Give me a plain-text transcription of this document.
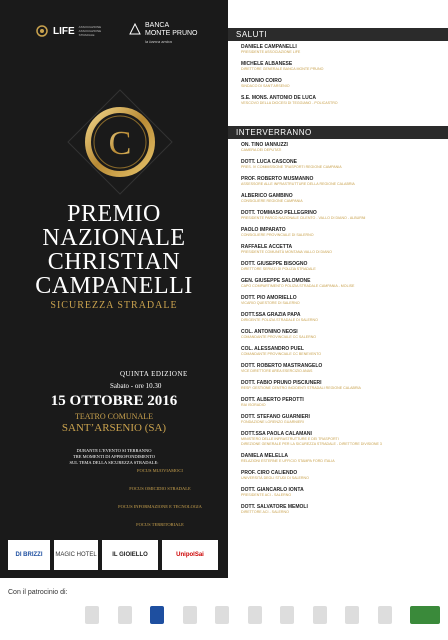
LIFE ASSOCIAZIONE ASSOCIAZIONE STRADALE
BANCA
MONTE PRUNO
la banca amica
C
PREMIO
NAZIONALE
CHRISTIAN
CAMPANELLI
SICUREZZA STRADALE
QUINTA EDIZIONE
Sabato - ore 10.30
15 OTTOBRE 2016
TEATRO COMUNALE
SANT’ARSENIO (SA)
DURANTE L’EVENTO SI TERRANNO
TRE MOMENTI DI APPROFONDIMENTO
SUL TEMA DELLA SICUREZZA STRADALE:
FOCUS MUOVIAMOCI
FOCUS OMICIDIO STRADALE
FOCUS INFORMAZIONE E TECNOLOGIA
FOCUS TERRITORIALE
DI BRIZZI	MAGIC HOTEL	IL GIOIELLO	UnipolSai
SALUTI
DANIELE CAMPANELLI
PRESIDENTE ASSOCIAZIONE LIFE
MICHELE ALBANESE
DIRETTORE GENERALE BANCA MONTE PRUNO
ANTONIO COIRO
SINDACO DI SANT’ARSENIO
S.E. MONS. ANTONIO DE LUCA
VESCOVO DELLA DIOCESI DI TEGGIANO - POLICASTRO
INTERVERRANNO
ON. TINO IANNUZZI
CAMERA DEI DEPUTATI
DOTT. LUCA CASCONE
PRES. IV COMMISSIONE TRASPORTI REGIONE CAMPANIA
PROF. ROBERTO MUSMANNO
ASSESSORE ALLE INFRASTRUTTURE DELLA REGIONE CALABRIA
ALBERICO GAMBINO
CONSIGLIERE REGIONE CAMPANIA
DOTT. TOMMASO PELLEGRINO
PRESIDENTE PARCO NAZIONALE CILENTO - VALLO DI DIANO - ALBURNI
PAOLO IMPARATO
CONSIGLIERE PROVINCIALE DI SALERNO
RAFFAELE ACCETTA
PRESIDENTE COMUNITÀ MONTANA VALLO DI DIANO
DOTT. GIUSEPPE BISOGNO
DIRETTORE SERVIZI DI POLIZIA STRADALE
GEN. GIUSEPPE SALOMONE
CAPO COMPARTIMENTO POLIZIA STRADALE CAMPANIA - MOLISE
DOTT. PIO AMORIELLO
VICARIO QUESTORE DI SALERNO
DOTT.SSA GRAZIA PAPA
DIRIGENTE POLIZIA STRADALE DI SALERNO
COL. ANTONINO NEOSI
COMANDANTE PROVINCIALE CC SALERNO
COL. ALESSANDRO PUEL
COMANDANTE PROVINCIALE CC BENEVENTO
DOTT. ROBERTO MASTRANGELO
VICE DIRETTORE AREA ESERCIZIO ANAS
DOTT. FABIO PRUNO PISCIUNERI
RESP. GESTIONE CENTRO INCIDENTI STRADALI REGIONE CALABRIA
DOTT. ALBERTO PEROTTI
RAI ISORADIO
DOTT. STEFANO GUARNIERI
FONDAZIONE LORENZO GUARNIERI
DOTT.SSA PAOLA CALAMANI
MINISTERO DELLE INFRASTRUTTURE E DEI TRASPORTI
DIREZIONE GENERALE PER LA SICUREZZA STRADALE - DIRETTORE DIVISIONE 3
DANIELA MELELLA
RELAZIONI ESTERNE E UFFICIO STAMPA FORD ITALIA
PROF. CIRO CALIENDO
UNIVERSITÀ DEGLI STUDI DI SALERNO
DOTT. GIANCARLO IONTA
PRESIDENTE ACI - SALERNO
DOTT. SALVATORE MEMOLI
DIRETTORE ACI - SALERNO
Con il patrocinio di:
